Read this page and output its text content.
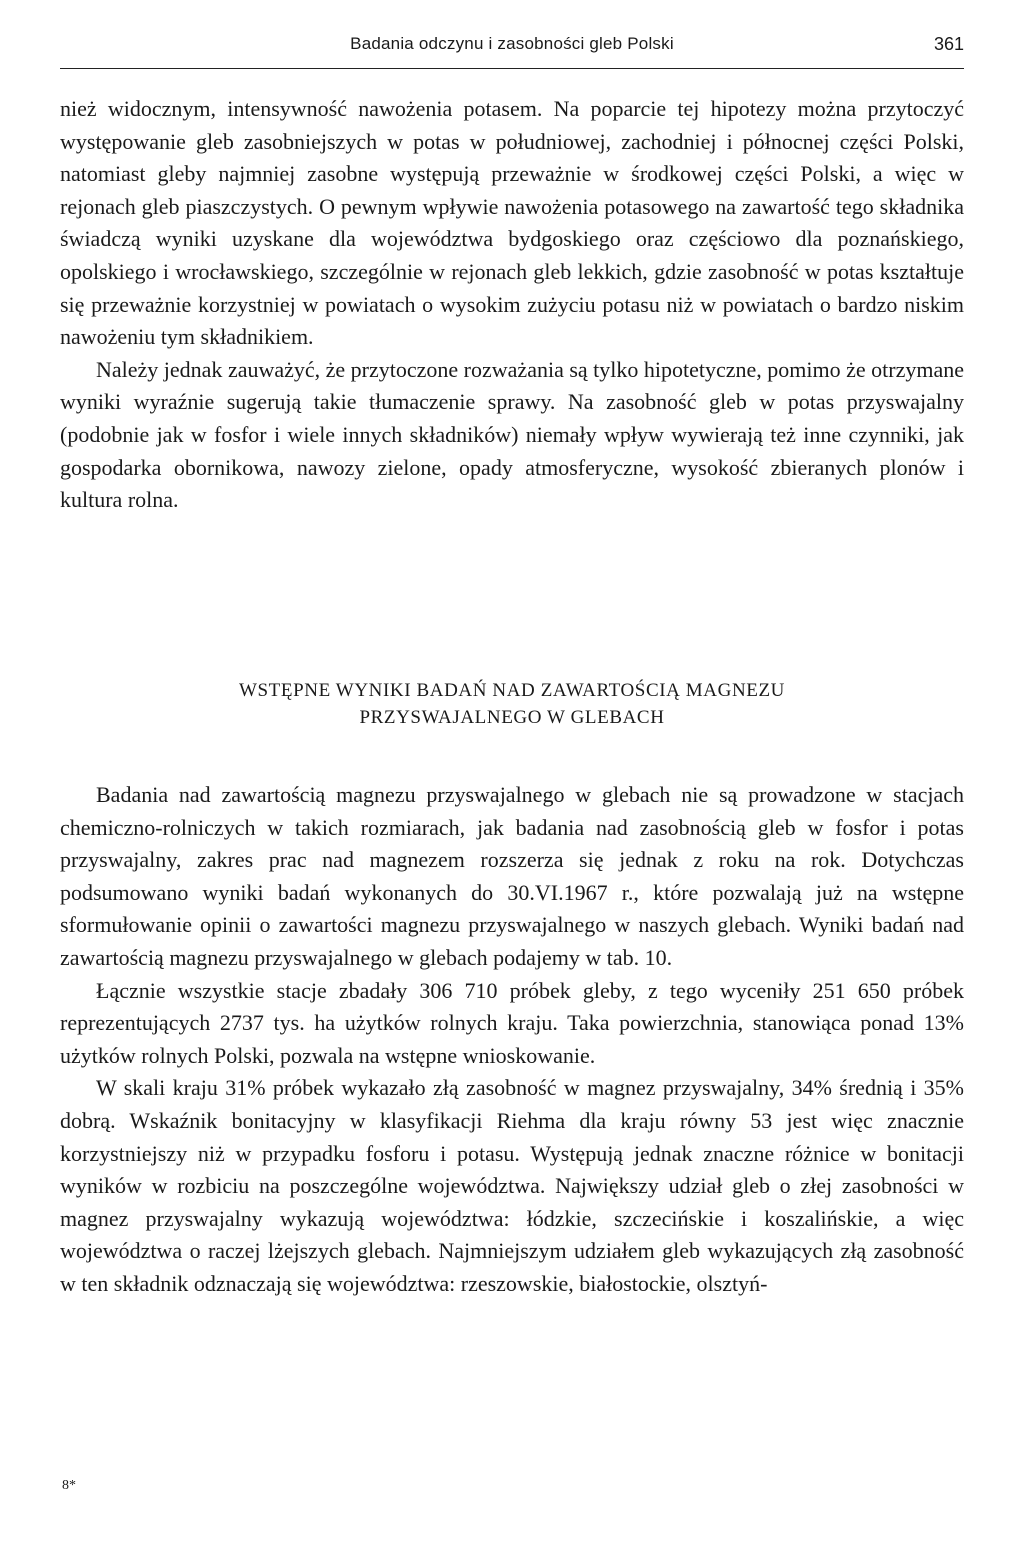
Badania odczynu i zasobności gleb Polski	361

nież widocznym, intensywność nawożenia potasem. Na poparcie tej hipotezy można przytoczyć występowanie gleb zasobniejszych w potas w południowej, zachodniej i północnej części Polski, natomiast gleby najmniej zasobne występują przeważnie w środkowej części Polski, a więc w rejonach gleb piaszczystych. O pewnym wpływie nawożenia potasowego na zawartość tego składnika świadczą wyniki uzyskane dla województwa bydgoskiego oraz częściowo dla poznańskiego, opolskiego i wrocławskiego, szczególnie w rejonach gleb lekkich, gdzie zasobność w potas kształtuje się przeważnie korzystniej w powiatach o wysokim zużyciu potasu niż w powiatach o bardzo niskim nawożeniu tym składnikiem.

Należy jednak zauważyć, że przytoczone rozważania są tylko hipotetyczne, pomimo że otrzymane wyniki wyraźnie sugerują takie tłumaczenie sprawy. Na zasobność gleb w potas przyswajalny (podobnie jak w fosfor i wiele innych składników) niemały wpływ wywierają też inne czynniki, jak gospodarka obornikowa, nawozy zielone, opady atmosferyczne, wysokość zbieranych plonów i kultura rolna.

WSTĘPNE WYNIKI BADAŃ NAD ZAWARTOŚCIĄ MAGNEZU
PRZYSWAJALNEGO W GLEBACH

Badania nad zawartością magnezu przyswajalnego w glebach nie są prowadzone w stacjach chemiczno-rolniczych w takich rozmiarach, jak badania nad zasobnością gleb w fosfor i potas przyswajalny, zakres prac nad magnezem rozszerza się jednak z roku na rok. Dotychczas podsumowano wyniki badań wykonanych do 30.VI.1967 r., które pozwalają już na wstępne sformułowanie opinii o zawartości magnezu przyswajalnego w naszych glebach. Wyniki badań nad zawartością magnezu przyswajalnego w glebach podajemy w tab. 10.

Łącznie wszystkie stacje zbadały 306 710 próbek gleby, z tego wyceniły 251 650 próbek reprezentujących 2737 tys. ha użytków rolnych kraju. Taka powierzchnia, stanowiąca ponad 13% użytków rolnych Polski, pozwala na wstępne wnioskowanie.

W skali kraju 31% próbek wykazało złą zasobność w magnez przyswajalny, 34% średnią i 35% dobrą. Wskaźnik bonitacyjny w klasyfikacji Riehma dla kraju równy 53 jest więc znacznie korzystniejszy niż w przypadku fosforu i potasu. Występują jednak znaczne różnice w bonitacji wyników w rozbiciu na poszczególne województwa. Największy udział gleb o złej zasobności w magnez przyswajalny wykazują województwa: łódzkie, szczecińskie i koszalińskie, a więc województwa o raczej lżejszych glebach. Najmniejszym udziałem gleb wykazujących złą zasobność w ten składnik odznaczają się województwa: rzeszowskie, białostockie, olsztyń-

8*
